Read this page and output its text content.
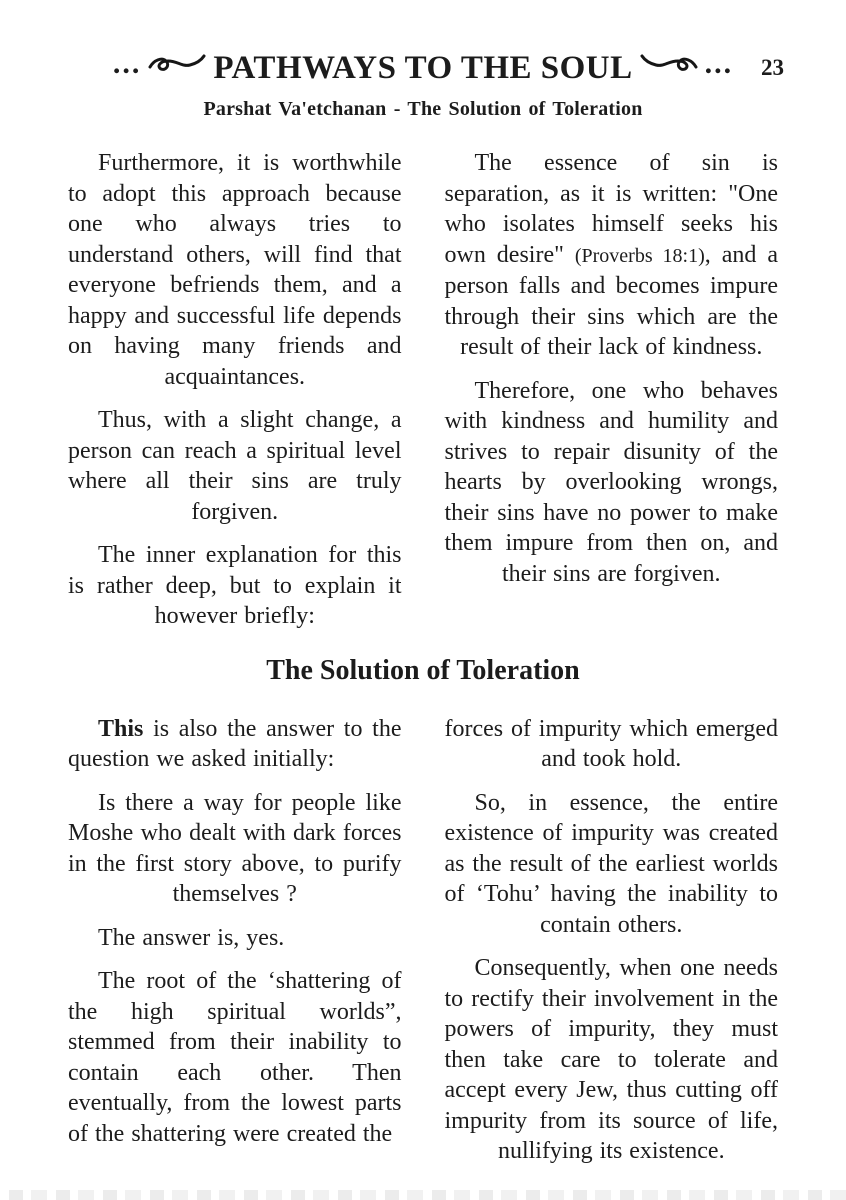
... PATHWAYS TO THE SOUL ... 23
Parshat Va'etchanan - The Solution of Toleration

Furthermore, it is worthwhile to adopt this approach because one who always tries to understand others, will find that everyone befriends them, and a happy and successful life depends on having many friends and acquaintances.

Thus, with a slight change, a person can reach a spiritual level where all their sins are truly forgiven.

The inner explanation for this is rather deep, but to explain it however briefly:

The essence of sin is separation, as it is written: "One who isolates himself seeks his own desire" (Proverbs 18:1), and a person falls and becomes impure through their sins which are the result of their lack of kindness.

Therefore, one who behaves with kindness and humility and strives to repair disunity of the hearts by overlooking wrongs, their sins have no power to make them impure from then on, and their sins are forgiven.

The Solution of Toleration

This is also the answer to the question we asked initially:

Is there a way for people like Moshe who dealt with dark forces in the first story above, to purify themselves ?

The answer is, yes.

The root of the ‘shattering of the high spiritual worlds”, stemmed from their inability to contain each other. Then eventually, from the lowest parts of the shattering were created the

forces of impurity which emerged and took hold.

So, in essence, the entire existence of impurity was created as the result of the earliest worlds of ‘Tohu’ having the inability to contain others.

Consequently, when one needs to rectify their involvement in the powers of impurity, they must then take care to tolerate and accept every Jew, thus cutting off impurity from its source of life, nullifying its existence.
